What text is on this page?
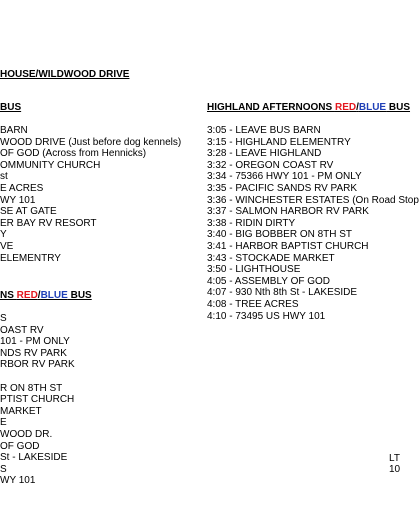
HOUSE/WILDWOOD DRIVE
BUS
BARN
WOOD DRIVE (Just before dog kennels)
OF GOD (Across from Hennicks)
OMMUNITY CHURCH
st
E ACRES
WY 101
SE AT GATE
ER BAY RV RESORT
Y
VE
ELEMENTRY
NS RED/BLUE BUS
S
OAST RV
101 - PM ONLY
NDS RV PARK
RBOR RV PARK
R ON 8TH ST
PTIST CHURCH
MARKET
E
WOOD DR.
OF GOD
St - LAKESIDE
S
WY 101
HIGHLAND AFTERNOONS RED/BLUE BUS
3:05 - LEAVE BUS BARN
3:15 - HIGHLAND ELEMENTRY
3:28 - LEAVE HIGHLAND
3:32 - OREGON COAST RV
3:34 - 75366 HWY 101 - PM ONLY
3:35 - PACIFIC SANDS RV PARK
3:36 - WINCHESTER ESTATES (On Road Stop
3:37 - SALMON HARBOR RV PARK
3:38 - RIDIN DIRTY
3:40 - BIG BOBBER ON 8TH ST
3:41 - HARBOR BAPTIST CHURCH
3:43 - STOCKADE MARKET
3:50 - LIGHTHOUSE
4:05 - ASSEMBLY OF GOD
4:07 - 930 Nth 8th St - LAKESIDE
4:08 - TREE ACRES
4:10 - 73495 US HWY 101
LT
10
